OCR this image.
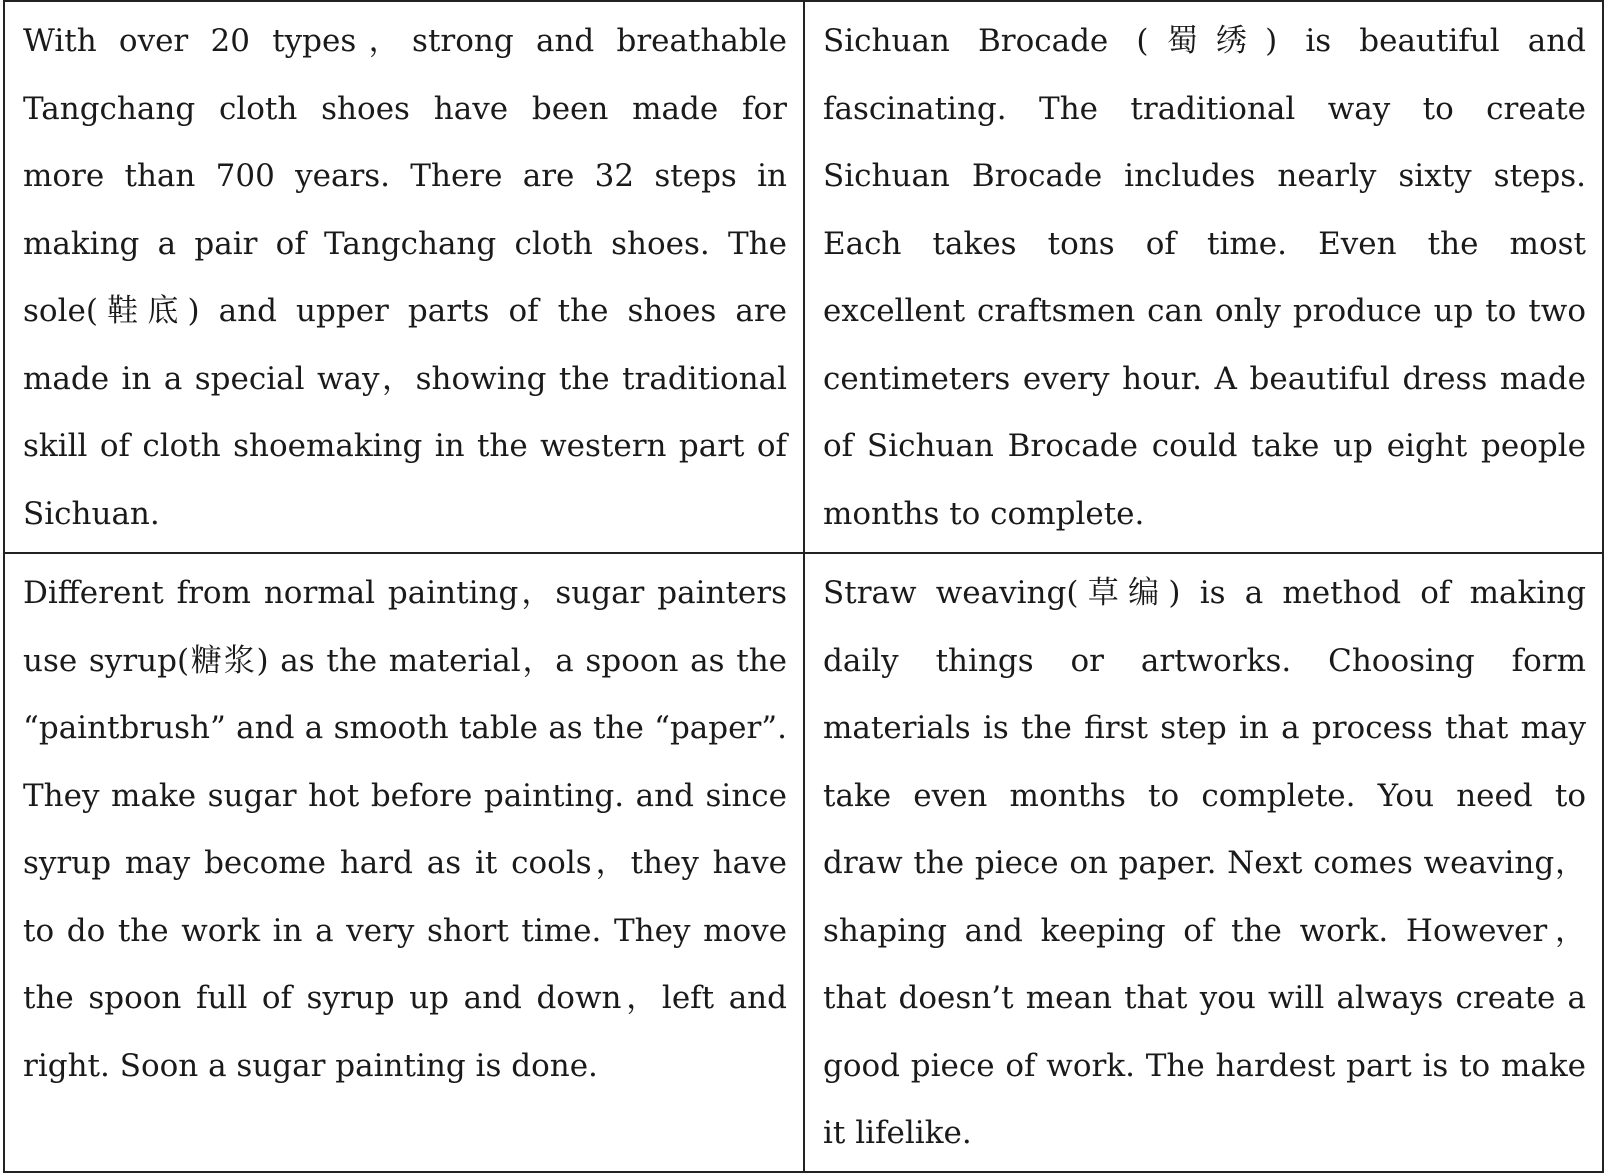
With over 20 types，strong and breathable Tangchang cloth shoes have been made for more than 700 years. There are 32 steps in making a pair of Tangchang cloth shoes. The sole(鞋底) and upper parts of the shoes are made in a special way，showing the traditional skill of cloth shoemaking in the western part of Sichuan.

Sichuan Brocade (蜀绣) is beautiful and fascinating. The traditional way to create Sichuan Brocade includes nearly sixty steps. Each takes tons of time. Even the most excellent craftsmen can only produce up to two centimeters every hour. A beautiful dress made of Sichuan Brocade could take up eight people months to complete.

Different from normal painting，sugar painters use syrup(糖浆) as the material，a spoon as the “paintbrush” and a smooth table as the “paper”. They make sugar hot before painting. and since syrup may become hard as it cools，they have to do the work in a very short time. They move the spoon full of syrup up and down，left and right. Soon a sugar painting is done.

Straw weaving(草编) is a method of making daily things or artworks. Choosing form materials is the first step in a process that may take even months to complete. You need to draw the piece on paper. Next comes weaving，shaping and keeping of the work. However，that doesn’t mean that you will always create a good piece of work. The hardest part is to make it lifelike.
